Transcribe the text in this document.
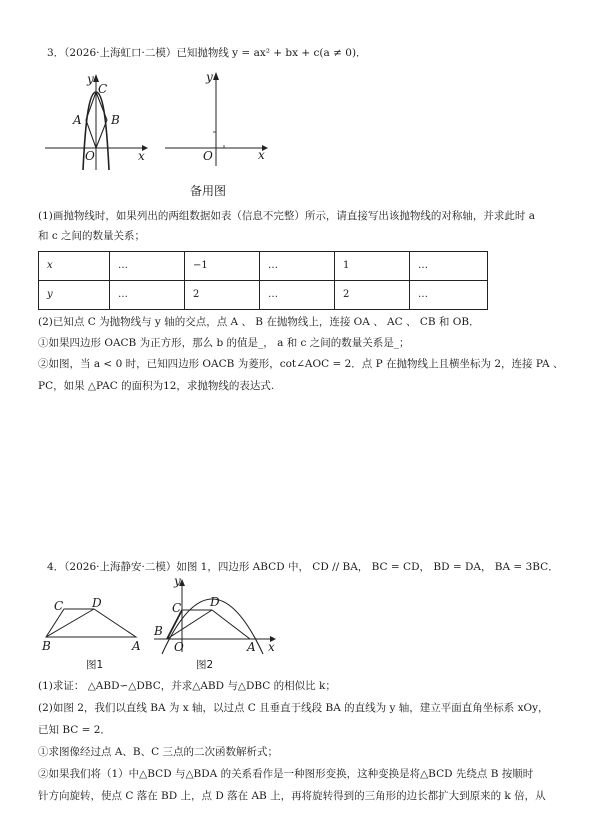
3．（2026·上海虹口·二模）已知抛物线 y = ax² + bx + c(a ≠ 0)．
y
C
A B
O	x
y
O	x
备用图
(1)画抛物线时，如果列出的两组数据如表（信息不完整）所示，请直接写出该抛物线的对称轴，并求此时 a
和 c 之间的数量关系；
x	…	−1	…	1	…
y	…	2	…	2	…
(2)已知点 C 为抛物线与 y 轴的交点，点 A 、 B 在抛物线上，连接 OA 、 AC 、 CB 和 OB．
①如果四边形 OACB 为正方形，那么 b 的值是_， a 和 c 之间的数量关系是_；
②如图，当 a < 0 时，已知四边形 OACB 为菱形，cot∠AOC = 2．点 P 在抛物线上且横坐标为 2，连接 PA 、
PC，如果 △PAC 的面积为12，求抛物线的表达式.
4．（2026·上海静安·二模）如图 1，四边形 ABCD 中， CD // BA， BC = CD， BD = DA， BA = 3BC．
C D
B	A
图1
y
C D
B
O	A x
图2
(1)求证： △ABD∽△DBC，并求△ABD 与△DBC 的相似比 k；
(2)如图 2，我们以直线 BA 为 x 轴，以过点 C 且垂直于线段 BA 的直线为 y 轴，建立平面直角坐标系 xOy，
已知 BC = 2．
①求图像经过点 A、B、C 三点的二次函数解析式；
②如果我们将（1）中△BCD 与△BDA 的关系看作是一种图形变换，这种变换是将△BCD 先绕点 B 按顺时
针方向旋转，使点 C 落在 BD 上，点 D 落在 AB 上，再将旋转得到的三角形的边长都扩大到原来的 k 倍，从
